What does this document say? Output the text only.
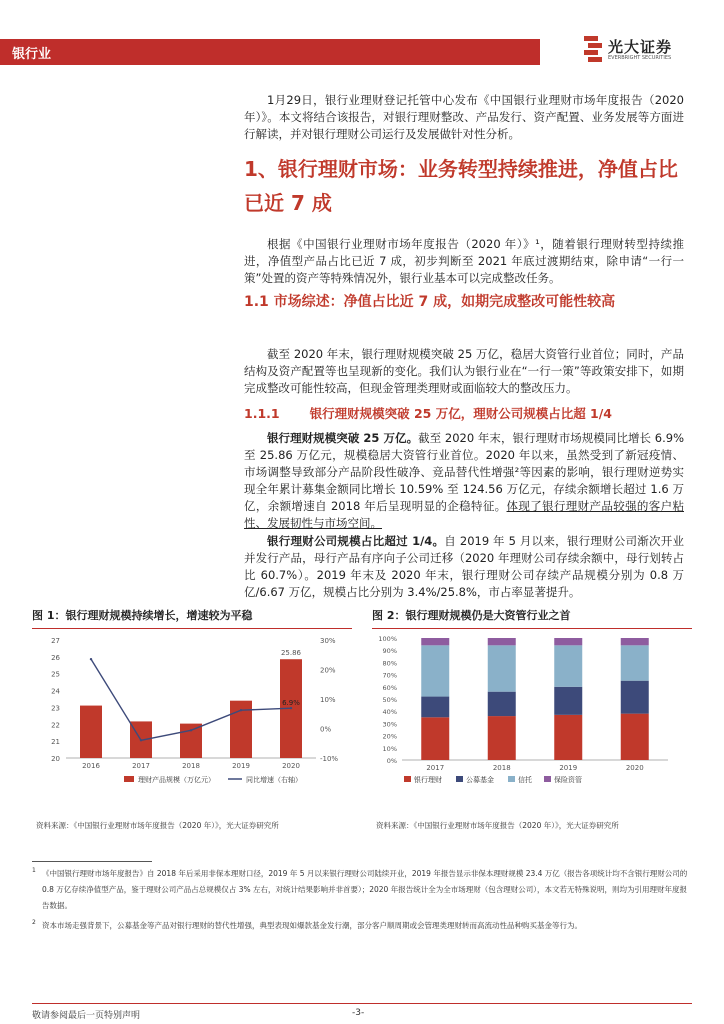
银行业	光大证券
EVERBRIGHT SECURITIES
1月29日，银行业理财登记托管中心发布《中国银行业理财市场年度报告（2020年）》。本文将结合该报告，对银行理财整改、产品发行、资产配置、业务发展等方面进行解读，并对银行理财公司运行及发展做针对性分析。
1、银行理财市场：业务转型持续推进，净值占比已近 7 成
根据《中国银行业理财市场年度报告（2020 年）》¹，随着银行理财转型持续推进，净值型产品占比已近 7 成，初步判断至 2021 年底过渡期结束，除申请“一行一策”处置的资产等特殊情况外，银行业基本可以完成整改任务。
1.1 市场综述：净值占比近 7 成，如期完成整改可能性较高
截至 2020 年末，银行理财规模突破 25 万亿，稳居大资管行业首位；同时，产品结构及资产配置等也呈现新的变化。我们认为银行业在“一行一策”等政策安排下，如期完成整改可能性较高，但现金管理类理财或面临较大的整改压力。
1.1.1 银行理财规模突破 25 万亿，理财公司规模占比超 1/4
银行理财规模突破 25 万亿。截至 2020 年末，银行理财市场规模同比增长 6.9% 至 25.86 万亿元，规模稳居大资管行业首位。2020 年以来，虽然受到了新冠疫情、市场调整导致部分产品阶段性破净、竞品替代性增强²等因素的影响，银行理财逆势实现全年累计募集金额同比增长 10.59% 至 124.56 万亿元，存续余额增长超过 1.6 万亿，余额增速自 2018 年后呈现明显的企稳特征。体现了银行理财产品较强的客户粘性、发展韧性与市场空间。
银行理财公司规模占比超过 1/4。自 2019 年 5 月以来，银行理财公司渐次开业并发行产品，母行产品有序向子公司迁移（2020 年理财公司存续余额中，母行划转占比 60.7%）。2019 年末及 2020 年末，银行理财公司存续产品规模分别为 0.8 万亿/6.67 万亿，规模占比分别为 3.4%/25.8%，市占率显著提升。
图 1：银行理财规模持续增长，增速较为平稳
20
21
22
23
24
25
26
27
-10%
0%
10%
20%
30%
2016	2017	2018	2019	2020
25.86
6.9%
理财产品规模（万亿元）	同比增速（右轴）
资料来源：《中国银行业理财市场年度报告（2020 年）》，光大证券研究所
图 2：银行理财规模仍是大资管行业之首
0%
10%
20%
30%
40%
50%
60%
70%
80%
90%
100%
2017	2018	2019	2020
银行理财	公募基金	信托	保险资管
资料来源：《中国银行业理财市场年度报告（2020 年）》，光大证券研究所
1 《中国银行理财市场年度报告》自 2018 年后采用非保本理财口径，2019 年 5 月以来银行理财公司陆续开业，2019 年报告显示非保本理财规模 23.4 万亿（报告各项统计均不含银行理财公司的 0.8 万亿存续净值型产品，鉴于理财公司产品占总规模仅占 3% 左右，对统计结果影响并非首要）；2020 年报告统计全为全市场理财（包含理财公司），本文若无特殊说明，则均为引用理财年度报告数据。
2 资本市场走强背景下，公募基金等产品对银行理财的替代性增强，典型表现如爆款基金发行潮，部分客户顺周期或会管理类理财转而高流动性品种购买基金等行为。
敬请参阅最后一页特别声明	-3-
